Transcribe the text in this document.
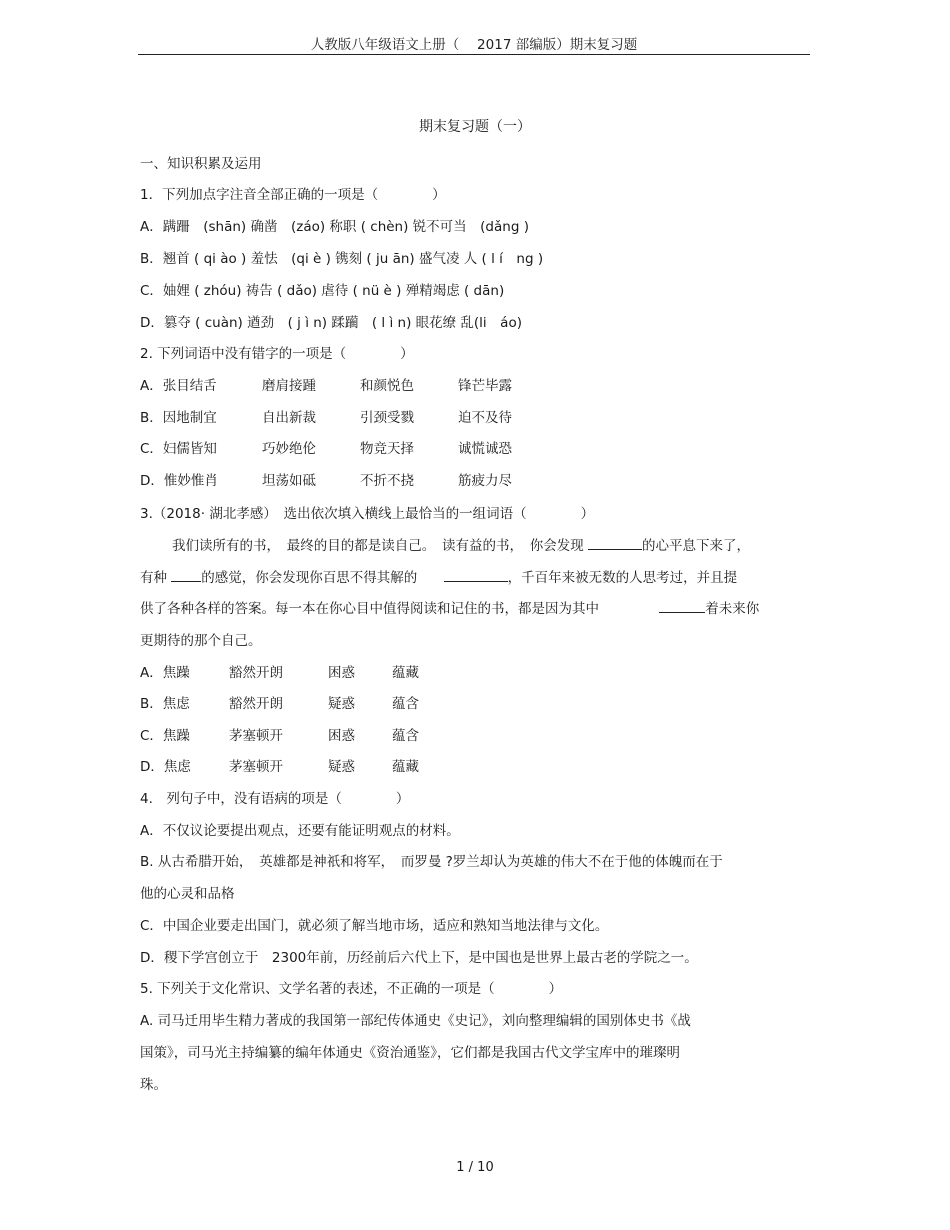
人教版八年级语文上册（　 2017 部编版）期末复习题
期末复习题（一）
一、知识积累及运用
1．下列加点字注音全部正确的一项是（　　　　）
A．蹒跚　(shān) 确凿　(záo) 称职 ( chèn) 锐不可当　(dǎng )
B．翘首 ( qi ào ) 羞怯　(qi è ) 镌刻 ( ju ān) 盛气凌 人 ( l í　ng )
C．妯娌 ( zhóu) 祷告 ( dǎo) 虐待 ( nü è ) 殚精竭虑 ( dān)
D．篡夺 ( cuàn) 遒劲　( j ì n) 蹂躏　( l ì n) 眼花缭 乱(li　áo)
2. 下列词语中没有错字的一项是（　　　　）
A．张目结舌	磨肩接踵	和颜悦色	锋芒毕露
B．因地制宜	自出新裁	引颈受戮	迫不及待
C．妇儒皆知	巧妙绝伦	物竞天择	诚慌诚恐
D．惟妙惟肖	坦荡如砥	不折不挠	筋疲力尽
3.（2018· 湖北孝感）　选出依次填入横线上最恰当的一组词语（　　　　）
我们读所有的书，　最终的目的都是读自己。　读有益的书，　你会发现	的心平息下来了，
有种	的感觉，你会发现你百思不得其解的	，千百年来被无数的人思考过，并且提
供了各种各样的答案。每一本在你心目中值得阅读和记住的书，都是因为其中	着未来你
更期待的那个自己。
A．焦躁	豁然开朗	困惑	蕴藏
B．焦虑	豁然开朗	疑惑	蕴含
C．焦躁	茅塞顿开	困惑	蕴含
D．焦虑	茅塞顿开	疑惑	蕴藏
4.　列句子中，没有语病的项是（　　　　）
A．不仅议论要提出观点，还要有能证明观点的材料。
B. 从古希腊开始，　英雄都是神祇和将军，　而罗曼 ?罗兰却认为英雄的伟大不在于他的体魄而在于
他的心灵和品格
C．中国企业要走出国门，就必须了解当地市场，适应和熟知当地法律与文化。
D．稷下学宫创立于　2300年前，历经前后六代上下，是中国也是世界上最古老的学院之一。
5. 下列关于文化常识、文学名著的表述，不正确的一项是（　　　　）
A. 司马迁用毕生精力著成的我国第一部纪传体通史《史记》，刘向整理编辑的国别体史书《战
国策》，司马光主持编纂的编年体通史《资治通鉴》，它们都是我国古代文学宝库中的璀璨明
珠。
1 / 10
